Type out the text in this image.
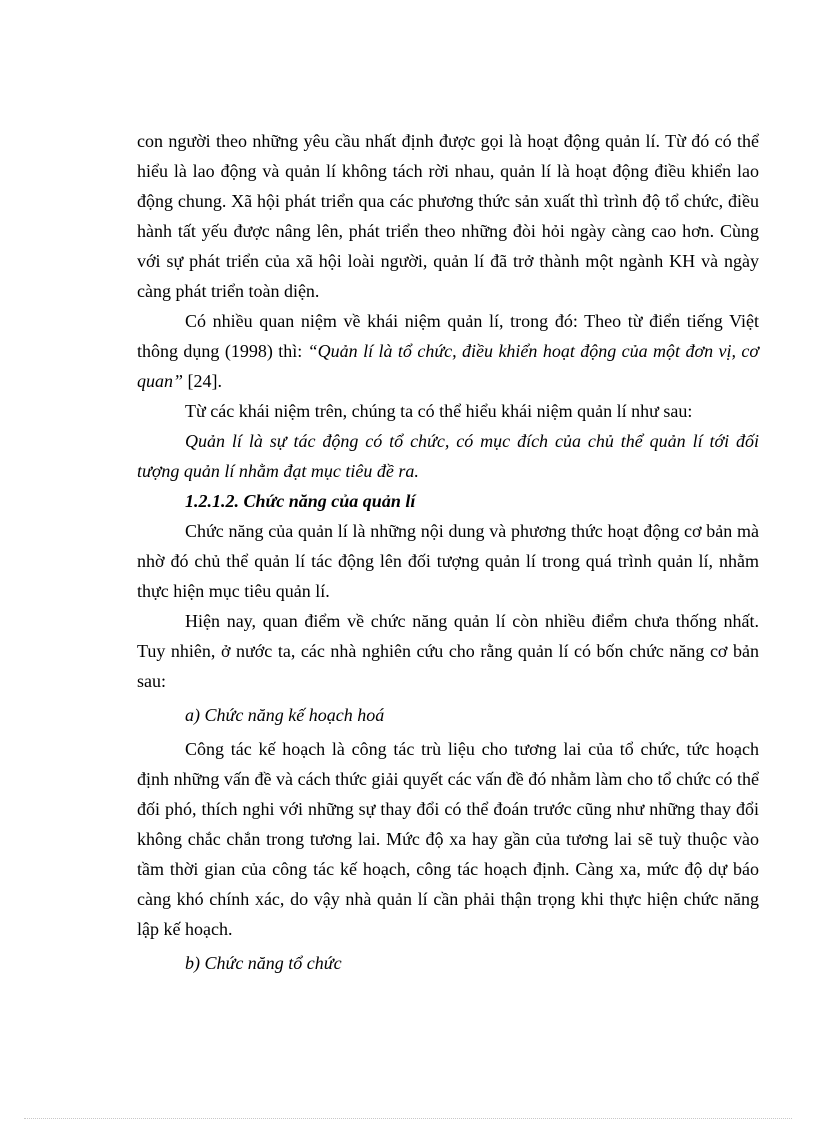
con người theo những yêu cầu nhất định được gọi là hoạt động quản lí. Từ đó có thể hiểu là lao động và quản lí không tách rời nhau, quản lí là hoạt động điều khiển lao động chung. Xã hội phát triển qua các phương thức sản xuất thì trình độ tổ chức, điều hành tất yếu được nâng lên, phát triển theo những đòi hỏi ngày càng cao hơn. Cùng với sự phát triển của xã hội loài người, quản lí đã trở thành một ngành KH và ngày càng phát triển toàn diện.

Có nhiều quan niệm về khái niệm quản lí, trong đó: Theo từ điển tiếng Việt thông dụng (1998) thì: “Quản lí là tổ chức, điều khiển hoạt động của một đơn vị, cơ quan” [24].

Từ các khái niệm trên, chúng ta có thể hiểu khái niệm quản lí như sau:

Quản lí là sự tác động có tổ chức, có mục đích của chủ thể quản lí tới đối tượng quản lí nhằm đạt mục tiêu đề ra.

1.2.1.2. Chức năng của quản lí

Chức năng của quản lí là những nội dung và phương thức hoạt động cơ bản mà nhờ đó chủ thể quản lí tác động lên đối tượng quản lí trong quá trình quản lí, nhằm thực hiện mục tiêu quản lí.

Hiện nay, quan điểm về chức năng quản lí còn nhiều điểm chưa thống nhất. Tuy nhiên, ở nước ta, các nhà nghiên cứu cho rằng quản lí có bốn chức năng cơ bản sau:

a) Chức năng kế hoạch hoá

Công tác kế hoạch là công tác trù liệu cho tương lai của tổ chức, tức hoạch định những vấn đề và cách thức giải quyết các vấn đề đó nhằm làm cho tổ chức có thể đối phó, thích nghi với những sự thay đổi có thể đoán trước cũng như những thay đổi không chắc chắn trong tương lai. Mức độ xa hay gần của tương lai sẽ tuỳ thuộc vào tầm thời gian của công tác kế hoạch, công tác hoạch định. Càng xa, mức độ dự báo càng khó chính xác, do vậy nhà quản lí cần phải thận trọng khi thực hiện chức năng lập kế hoạch.

b) Chức năng tổ chức
